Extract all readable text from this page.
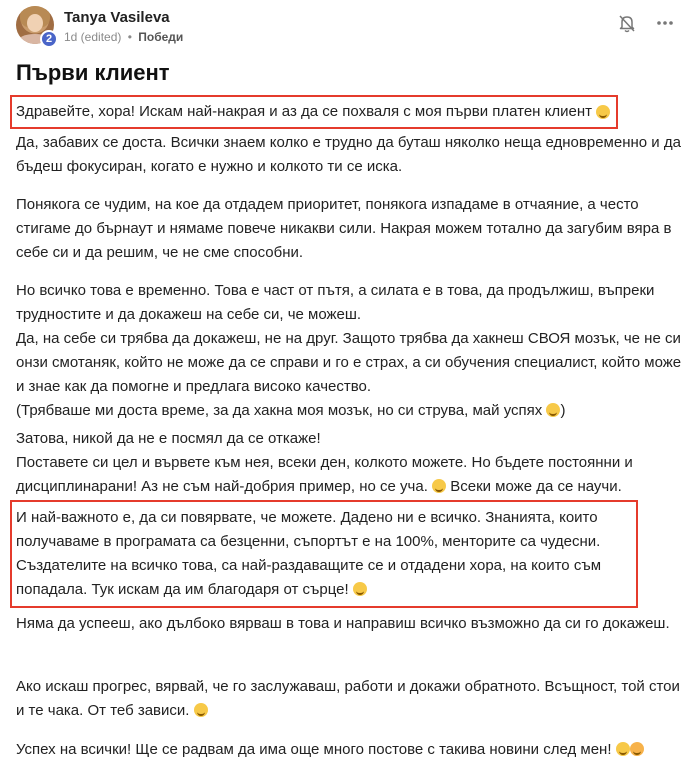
2
Tanya Vasileva
1d (edited) • Победи
Първи клиент
Здравейте, хора! Искам най-накрая и аз да се похваля с моя първи платен клиент

Да, забавих се доста. Всички знаем колко е трудно да буташ няколко неща едновременно и да бъдеш фокусиран, когато е нужно и колкото ти се иска.

Понякога се чудим, на кое да отдадем приоритет, понякога изпадаме в отчаяние, а често стигаме до бърнаут и нямаме повече никакви сили. Накрая можем тотално да загубим вяра в себе си и да решим, че не сме способни.

Но всичко това е временно. Това е част от пътя, а силата е в това, да продължиш, въпреки трудностите и да докажеш на себе си, че можеш.

Да, на себе си трябва да докажеш, не на друг. Защото трябва да хакнеш СВОЯ мозък, че не си онзи смотаняк, който не може да се справи и го е страх, а си обучения специалист, който може и знае как да помогне и предлага високо качество.

(Трябваше ми доста време, за да хакна моя мозък, но си струва, май успях )

Затова, никой да не е посмял да се откаже!

Поставете си цел и вървете към нея, всеки ден, колкото можете. Но бъдете постоянни и дисциплинарани! Аз не съм най-добрия пример, но се уча. Всеки може да се научи.

И най-важното е, да си повярвате, че можете. Дадено ни е всичко. Знанията, които получаваме в програмата са безценни, съпортът е на 100%, менторите са чудесни. Създателите на всичко това, са най-раздаващите се и отдадени хора, на които съм попадала. Тук искам да им благодаря от сърце!

Няма да успееш, ако дълбоко вярваш в това и направиш всичко възможно да си го докажеш.

Ако искаш прогрес, вярвай, че го заслужаваш, работи и докажи обратното. Всъщност, той стои и те чака. От теб зависи.

Успех на всички! Ще се радвам да има още много постове с такива новини след мен!
